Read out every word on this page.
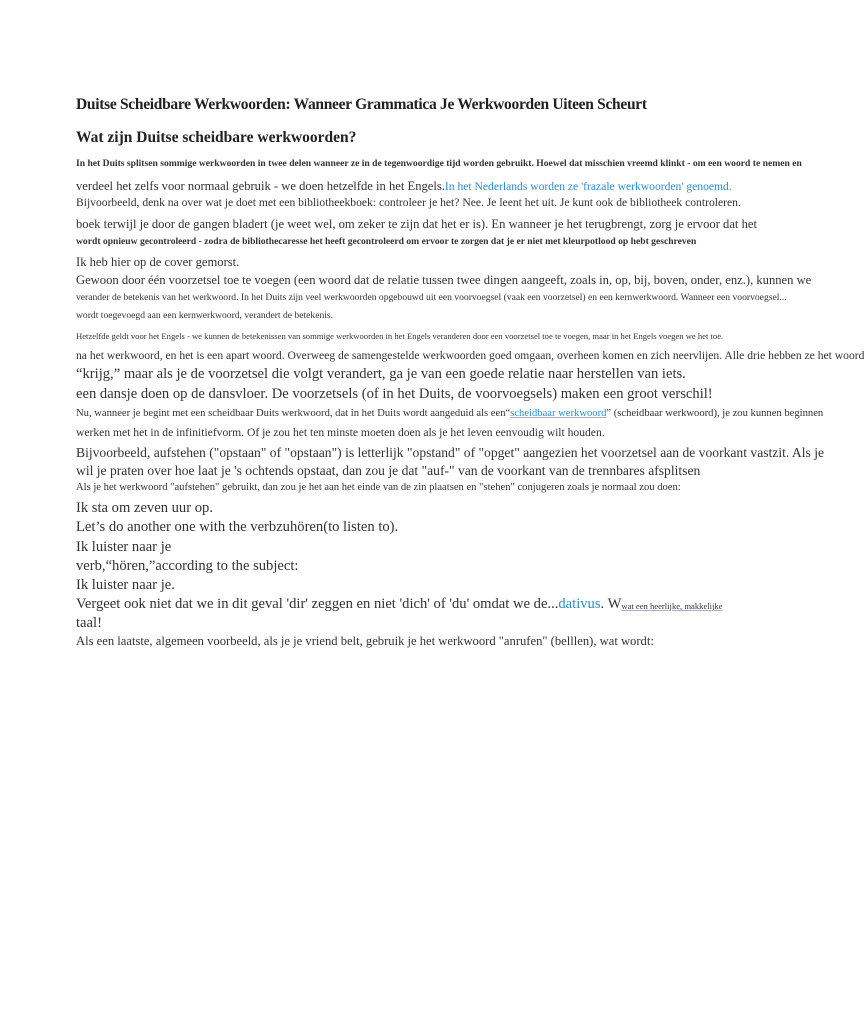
Duitse Scheidbare Werkwoorden: Wanneer Grammatica Je Werkwoorden Uiteen Scheurt
Wat zijn Duitse scheidbare werkwoorden?
In het Duits splitsen sommige werkwoorden in twee delen wanneer ze in de tegenwoordige tijd worden gebruikt. Hoewel dat misschien vreemd klinkt - om een woord te nemen en
verdeel het zelfs voor normaal gebruik - we doen hetzelfde in het Engels.In het Nederlands worden ze 'frazale werkwoorden' genoemd.
Bijvoorbeeld, denk na over wat je doet met een bibliotheekboek: controleer je het? Nee. Je leent het uit. Je kunt ook de bibliotheek controleren.
boek terwijl je door de gangen bladert (je weet wel, om zeker te zijn dat het er is). En wanneer je het terugbrengt, zorg je ervoor dat het
wordt opnieuw gecontroleerd - zodra de bibliothecaresse het heeft gecontroleerd om ervoor te zorgen dat je er niet met kleurpotlood op hebt geschreven
Ik heb hier op de cover gemorst.
Gewoon door één voorzetsel toe te voegen (een woord dat de relatie tussen twee dingen aangeeft, zoals in, op, bij, boven, onder, enz.), kunnen we
verander de betekenis van het werkwoord. In het Duits zijn veel werkwoorden opgebouwd uit een voorvoegsel (vaak een voorzetsel) en een kernwerkwoord. Wanneer een voorvoegsel...
wordt toegevoegd aan een kernwerkwoord, verandert de betekenis.
Hetzelfde geldt voor het Engels - we kunnen de betekenissen van sommige werkwoorden in het Engels veranderen door een voorzetsel toe te voegen, maar in het Engels voegen we het toe.
na het werkwoord, en het is een apart woord. Overweeg de samengestelde werkwoorden goed omgaan, overheen komen en zich neervlijen. Alle drie hebben ze het woord
“krijg,” maar als je de voorzetsel die volgt verandert, ga je van een goede relatie naar herstellen van iets.
een dansje doen op de dansvloer. De voorzetsels (of in het Duits, de voorvoegsels) maken een groot verschil!
Nu, wanneer je begint met een scheidbaar Duits werkwoord, dat in het Duits wordt aangeduid als een“scheidbaar werkwoord” (scheidbaar werkwoord), je zou kunnen beginnen
werken met het in de infinitiefvorm. Of je zou het ten minste moeten doen als je het leven eenvoudig wilt houden.
Bijvoorbeeld, aufstehen ("opstaan" of "opstaan") is letterlijk "opstand" of "opget" aangezien het voorzetsel aan de voorkant vastzit. Als je
wil je praten over hoe laat je 's ochtends opstaat, dan zou je dat "auf-" van de voorkant van de trennbares afsplitsen
Als je het werkwoord "aufstehen" gebruikt, dan zou je het aan het einde van de zin plaatsen en "stehen" conjugeren zoals je normaal zou doen:
Ik sta om zeven uur op.
Let’s do another one with the verbzuhören(to listen to).
Ik luister naar je
verb,“hören,”according to the subject:
Ik luister naar je.
Vergeet ook niet dat we in dit geval 'dir' zeggen en niet 'dich' of 'du' omdat we de...dativus. Wwat een heerlijke, makkelijke
taal!
Als een laatste, algemeen voorbeeld, als je je vriend belt, gebruik je het werkwoord "anrufen" (belllen), wat wordt:
